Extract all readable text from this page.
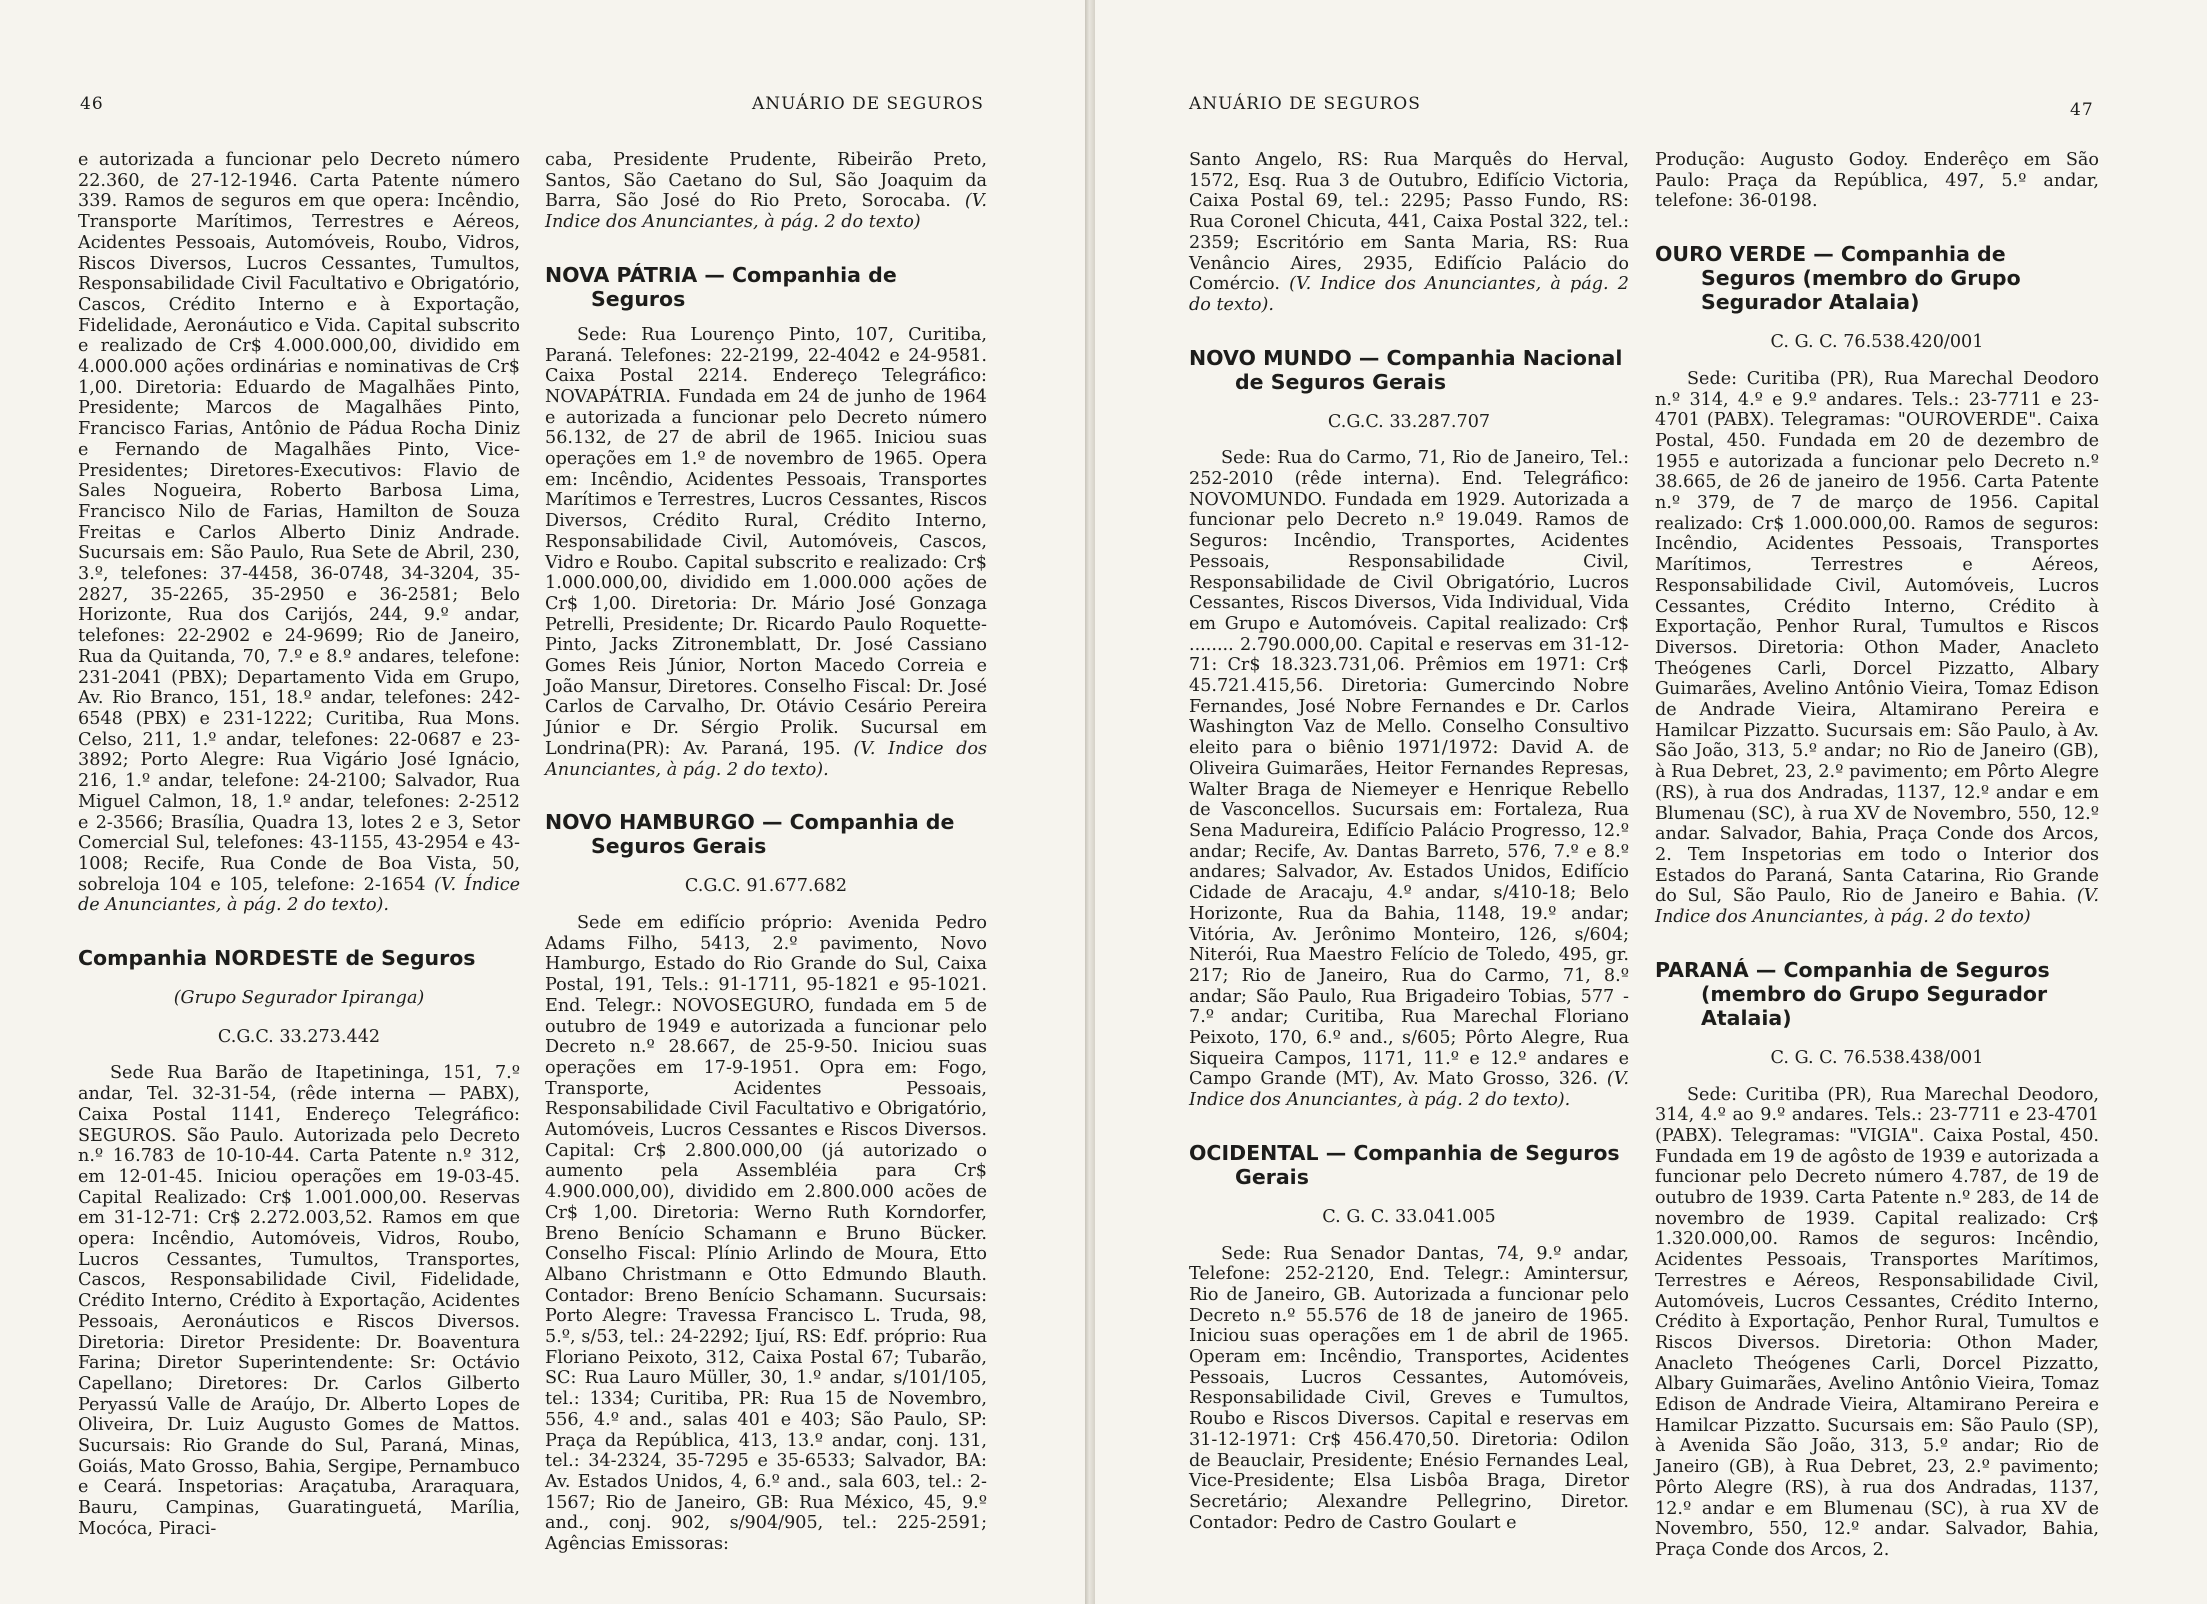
46	ANUÁRIO DE SEGUROS

e autorizada a funcionar pelo Decreto número 22.360, de 27-12-1946. Carta Patente número 339. Ramos de seguros em que opera: Incêndio, Transporte Marítimos, Terrestres e Aéreos, Acidentes Pessoais, Automóveis, Roubo, Vidros, Riscos Diversos, Lucros Cessantes, Tumultos, Responsabilidade Civil Facultativo e Obrigatório, Cascos, Crédito Interno e à Exportação, Fidelidade, Aeronáutico e Vida. Capital subscrito e realizado de Cr$ 4.000.000,00, dividido em 4.000.000 ações ordinárias e nominativas de Cr$ 1,00. Diretoria: Eduardo de Magalhães Pinto, Presidente; Marcos de Magalhães Pinto, Francisco Farias, Antônio de Pádua Rocha Diniz e Fernando de Magalhães Pinto, Vice-Presidentes; Diretores-Executivos: Flavio de Sales Nogueira, Roberto Barbosa Lima, Francisco Nilo de Farias, Hamilton de Souza Freitas e Carlos Alberto Diniz Andrade. Sucursais em: São Paulo, Rua Sete de Abril, 230, 3.º, telefones: 37-4458, 36-0748, 34-3204, 35-2827, 35-2265, 35-2950 e 36-2581; Belo Horizonte, Rua dos Carijós, 244, 9.º andar, telefones: 22-2902 e 24-9699; Rio de Janeiro, Rua da Quitanda, 70, 7.º e 8.º andares, telefone: 231-2041 (PBX); Departamento Vida em Grupo, Av. Rio Branco, 151, 18.º andar, telefones: 242-6548 (PBX) e 231-1222; Curitiba, Rua Mons. Celso, 211, 1.º andar, telefones: 22-0687 e 23-3892; Porto Alegre: Rua Vigário José Ignácio, 216, 1.º andar, telefone: 24-2100; Salvador, Rua Miguel Calmon, 18, 1.º andar, telefones: 2-2512 e 2-3566; Brasília, Quadra 13, lotes 2 e 3, Setor Comercial Sul, telefones: 43-1155, 43-2954 e 43-1008; Recife, Rua Conde de Boa Vista, 50, sobreloja 104 e 105, telefone: 2-1654 (V. Índice de Anunciantes, à pág. 2 do texto).

Companhia NORDESTE de Seguros
(Grupo Segurador Ipiranga)
C.G.C. 33.273.442

Sede Rua Barão de Itapetininga, 151, 7.º andar, Tel. 32-31-54, (rêde interna — PABX), Caixa Postal 1141, Endereço Telegráfico: SEGUROS. São Paulo. Autorizada pelo Decreto n.º 16.783 de 10-10-44. Carta Patente n.º 312, em 12-01-45. Iniciou operações em 19-03-45. Capital Realizado: Cr$ 1.001.000,00. Reservas em 31-12-71: Cr$ 2.272.003,52. Ramos em que opera: Incêndio, Automóveis, Vidros, Roubo, Lucros Cessantes, Tumultos, Transportes, Cascos, Responsabilidade Civil, Fidelidade, Crédito Interno, Crédito à Exportação, Acidentes Pessoais, Aeronáuticos e Riscos Diversos. Diretoria: Diretor Presidente: Dr. Boaventura Farina; Diretor Superintendente: Sr: Octávio Capellano; Diretores: Dr. Carlos Gilberto Peryassú Valle de Araújo, Dr. Alberto Lopes de Oliveira, Dr. Luiz Augusto Gomes de Mattos. Sucursais: Rio Grande do Sul, Paraná, Minas, Goiás, Mato Grosso, Bahia, Sergipe, Pernambuco e Ceará. Inspetorias: Araçatuba, Araraquara, Bauru, Campinas, Guaratinguetá, Marília, Mocóca, Piraci-

caba, Presidente Prudente, Ribeirão Preto, Santos, São Caetano do Sul, São Joaquim da Barra, São José do Rio Preto, Sorocaba. (V. Indice dos Anunciantes, à pág. 2 do texto)

NOVA PÁTRIA — Companhia de Seguros

Sede: Rua Lourenço Pinto, 107, Curitiba, Paraná. Telefones: 22-2199, 22-4042 e 24-9581. Caixa Postal 2214. Endereço Telegráfico: NOVAPÁTRIA. Fundada em 24 de junho de 1964 e autorizada a funcionar pelo Decreto número 56.132, de 27 de abril de 1965. Iniciou suas operações em 1.º de novembro de 1965. Opera em: Incêndio, Acidentes Pessoais, Transportes Marítimos e Terrestres, Lucros Cessantes, Riscos Diversos, Crédito Rural, Crédito Interno, Responsabilidade Civil, Automóveis, Cascos, Vidro e Roubo. Capital subscrito e realizado: Cr$ 1.000.000,00, dividido em 1.000.000 ações de Cr$ 1,00. Diretoria: Dr. Mário José Gonzaga Petrelli, Presidente; Dr. Ricardo Paulo Roquette-Pinto, Jacks Zitronemblatt, Dr. José Cassiano Gomes Reis Júnior, Norton Macedo Correia e João Mansur, Diretores. Conselho Fiscal: Dr. José Carlos de Carvalho, Dr. Otávio Cesário Pereira Júnior e Dr. Sérgio Prolik. Sucursal em Londrina(PR): Av. Paraná, 195. (V. Indice dos Anunciantes, à pág. 2 do texto).

NOVO HAMBURGO — Companhia de Seguros Gerais
C.G.C. 91.677.682

Sede em edifício próprio: Avenida Pedro Adams Filho, 5413, 2.º pavimento, Novo Hamburgo, Estado do Rio Grande do Sul, Caixa Postal, 191, Tels.: 91-1711, 95-1821 e 95-1021. End. Telegr.: NOVOSEGURO, fundada em 5 de outubro de 1949 e autorizada a funcionar pelo Decreto n.º 28.667, de 25-9-50. Iniciou suas operações em 17-9-1951. Opra em: Fogo, Transporte, Acidentes Pessoais, Responsabilidade Civil Facultativo e Obrigatório, Automóveis, Lucros Cessantes e Riscos Diversos. Capital: Cr$ 2.800.000,00 (já autorizado o aumento pela Assembléia para Cr$ 4.900.000,00), dividido em 2.800.000 acões de Cr$ 1,00. Diretoria: Werno Ruth Korndorfer, Breno Benício Schamann e Bruno Bücker. Conselho Fiscal: Plínio Arlindo de Moura, Etto Albano Christmann e Otto Edmundo Blauth. Contador: Breno Benício Schamann. Sucursais: Porto Alegre: Travessa Francisco L. Truda, 98, 5.º, s/53, tel.: 24-2292; Ijuí, RS: Edf. próprio: Rua Floriano Peixoto, 312, Caixa Postal 67; Tubarão, SC: Rua Lauro Müller, 30, 1.º andar, s/101/105, tel.: 1334; Curitiba, PR: Rua 15 de Novembro, 556, 4.º and., salas 401 e 403; São Paulo, SP: Praça da República, 413, 13.º andar, conj. 131, tel.: 34-2324, 35-7295 e 35-6533; Salvador, BA: Av. Estados Unidos, 4, 6.º and., sala 603, tel.: 2-1567; Rio de Janeiro, GB: Rua México, 45, 9.º and., conj. 902, s/904/905, tel.: 225-2591; Agências Emissoras:

ANUÁRIO DE SEGUROS	47

Santo Angelo, RS: Rua Marquês do Herval, 1572, Esq. Rua 3 de Outubro, Edifício Victoria, Caixa Postal 69, tel.: 2295; Passo Fundo, RS: Rua Coronel Chicuta, 441, Caixa Postal 322, tel.: 2359; Escritório em Santa Maria, RS: Rua Venâncio Aires, 2935, Edifício Palácio do Comércio. (V. Indice dos Anunciantes, à pág. 2 do texto).

NOVO MUNDO — Companhia Nacional de Seguros Gerais
C.G.C. 33.287.707

Sede: Rua do Carmo, 71, Rio de Janeiro, Tel.: 252-2010 (rêde interna). End. Telegráfico: NOVOMUNDO. Fundada em 1929. Autorizada a funcionar pelo Decreto n.º 19.049. Ramos de Seguros: Incêndio, Transportes, Acidentes Pessoais, Responsabilidade Civil, Responsabilidade de Civil Obrigatório, Lucros Cessantes, Riscos Diversos, Vida Individual, Vida em Grupo e Automóveis. Capital realizado: Cr$ ........ 2.790.000,00. Capital e reservas em 31-12-71: Cr$ 18.323.731,06. Prêmios em 1971: Cr$ 45.721.415,56. Diretoria: Gumercindo Nobre Fernandes, José Nobre Fernandes e Dr. Carlos Washington Vaz de Mello. Conselho Consultivo eleito para o biênio 1971/1972: David A. de Oliveira Guimarães, Heitor Fernandes Represas, Walter Braga de Niemeyer e Henrique Rebello de Vasconcellos. Sucursais em: Fortaleza, Rua Sena Madureira, Edifício Palácio Progresso, 12.º andar; Recife, Av. Dantas Barreto, 576, 7.º e 8.º andares; Salvador, Av. Estados Unidos, Edifício Cidade de Aracaju, 4.º andar, s/410-18; Belo Horizonte, Rua da Bahia, 1148, 19.º andar; Vitória, Av. Jerônimo Monteiro, 126, s/604; Niterói, Rua Maestro Felício de Toledo, 495, gr. 217; Rio de Janeiro, Rua do Carmo, 71, 8.º andar; São Paulo, Rua Brigadeiro Tobias, 577 - 7.º andar; Curitiba, Rua Marechal Floriano Peixoto, 170, 6.º and., s/605; Pôrto Alegre, Rua Siqueira Campos, 1171, 11.º e 12.º andares e Campo Grande (MT), Av. Mato Grosso, 326. (V. Indice dos Anunciantes, à pág. 2 do texto).

OCIDENTAL — Companhia de Seguros Gerais
C. G. C. 33.041.005

Sede: Rua Senador Dantas, 74, 9.º andar, Telefone: 252-2120, End. Telegr.: Amintersur, Rio de Janeiro, GB. Autorizada a funcionar pelo Decreto n.º 55.576 de 18 de janeiro de 1965. Iniciou suas operações em 1 de abril de 1965. Operam em: Incêndio, Transportes, Acidentes Pessoais, Lucros Cessantes, Automóveis, Responsabilidade Civil, Greves e Tumultos, Roubo e Riscos Diversos. Capital e reservas em 31-12-1971: Cr$ 456.470,50. Diretoria: Odilon de Beauclair, Presidente; Enésio Fernandes Leal, Vice-Presidente; Elsa Lisbôa Braga, Diretor Secretário; Alexandre Pellegrino, Diretor. Contador: Pedro de Castro Goulart e

Produção: Augusto Godoy. Enderêço em São Paulo: Praça da República, 497, 5.º andar, telefone: 36-0198.

OURO VERDE — Companhia de Seguros (membro do Grupo Segurador Atalaia)
C. G. C. 76.538.420/001

Sede: Curitiba (PR), Rua Marechal Deodoro n.º 314, 4.º e 9.º andares. Tels.: 23-7711 e 23-4701 (PABX). Telegramas: "OUROVERDE". Caixa Postal, 450. Fundada em 20 de dezembro de 1955 e autorizada a funcionar pelo Decreto n.º 38.665, de 26 de janeiro de 1956. Carta Patente n.º 379, de 7 de março de 1956. Capital realizado: Cr$ 1.000.000,00. Ramos de seguros: Incêndio, Acidentes Pessoais, Transportes Marítimos, Terrestres e Aéreos, Responsabilidade Civil, Automóveis, Lucros Cessantes, Crédito Interno, Crédito à Exportação, Penhor Rural, Tumultos e Riscos Diversos. Diretoria: Othon Mader, Anacleto Theógenes Carli, Dorcel Pizzatto, Albary Guimarães, Avelino Antônio Vieira, Tomaz Edison de Andrade Vieira, Altamirano Pereira e Hamilcar Pizzatto. Sucursais em: São Paulo, à Av. São João, 313, 5.º andar; no Rio de Janeiro (GB), à Rua Debret, 23, 2.º pavimento; em Pôrto Alegre (RS), à rua dos Andradas, 1137, 12.º andar e em Blumenau (SC), à rua XV de Novembro, 550, 12.º andar. Salvador, Bahia, Praça Conde dos Arcos, 2. Tem Inspetorias em todo o Interior dos Estados do Paraná, Santa Catarina, Rio Grande do Sul, São Paulo, Rio de Janeiro e Bahia. (V. Indice dos Anunciantes, à pág. 2 do texto)

PARANÁ — Companhia de Seguros (membro do Grupo Segurador Atalaia)
C. G. C. 76.538.438/001

Sede: Curitiba (PR), Rua Marechal Deodoro, 314, 4.º ao 9.º andares. Tels.: 23-7711 e 23-4701 (PABX). Telegramas: "VIGIA". Caixa Postal, 450. Fundada em 19 de agôsto de 1939 e autorizada a funcionar pelo Decreto número 4.787, de 19 de outubro de 1939. Carta Patente n.º 283, de 14 de novembro de 1939. Capital realizado: Cr$ 1.320.000,00. Ramos de seguros: Incêndio, Acidentes Pessoais, Transportes Marítimos, Terrestres e Aéreos, Responsabilidade Civil, Automóveis, Lucros Cessantes, Crédito Interno, Crédito à Exportação, Penhor Rural, Tumultos e Riscos Diversos. Diretoria: Othon Mader, Anacleto Theógenes Carli, Dorcel Pizzatto, Albary Guimarães, Avelino Antônio Vieira, Tomaz Edison de Andrade Vieira, Altamirano Pereira e Hamilcar Pizzatto. Sucursais em: São Paulo (SP), à Avenida São João, 313, 5.º andar; Rio de Janeiro (GB), à Rua Debret, 23, 2.º pavimento; Pôrto Alegre (RS), à rua dos Andradas, 1137, 12.º andar e em Blumenau (SC), à rua XV de Novembro, 550, 12.º andar. Salvador, Bahia, Praça Conde dos Arcos, 2.
